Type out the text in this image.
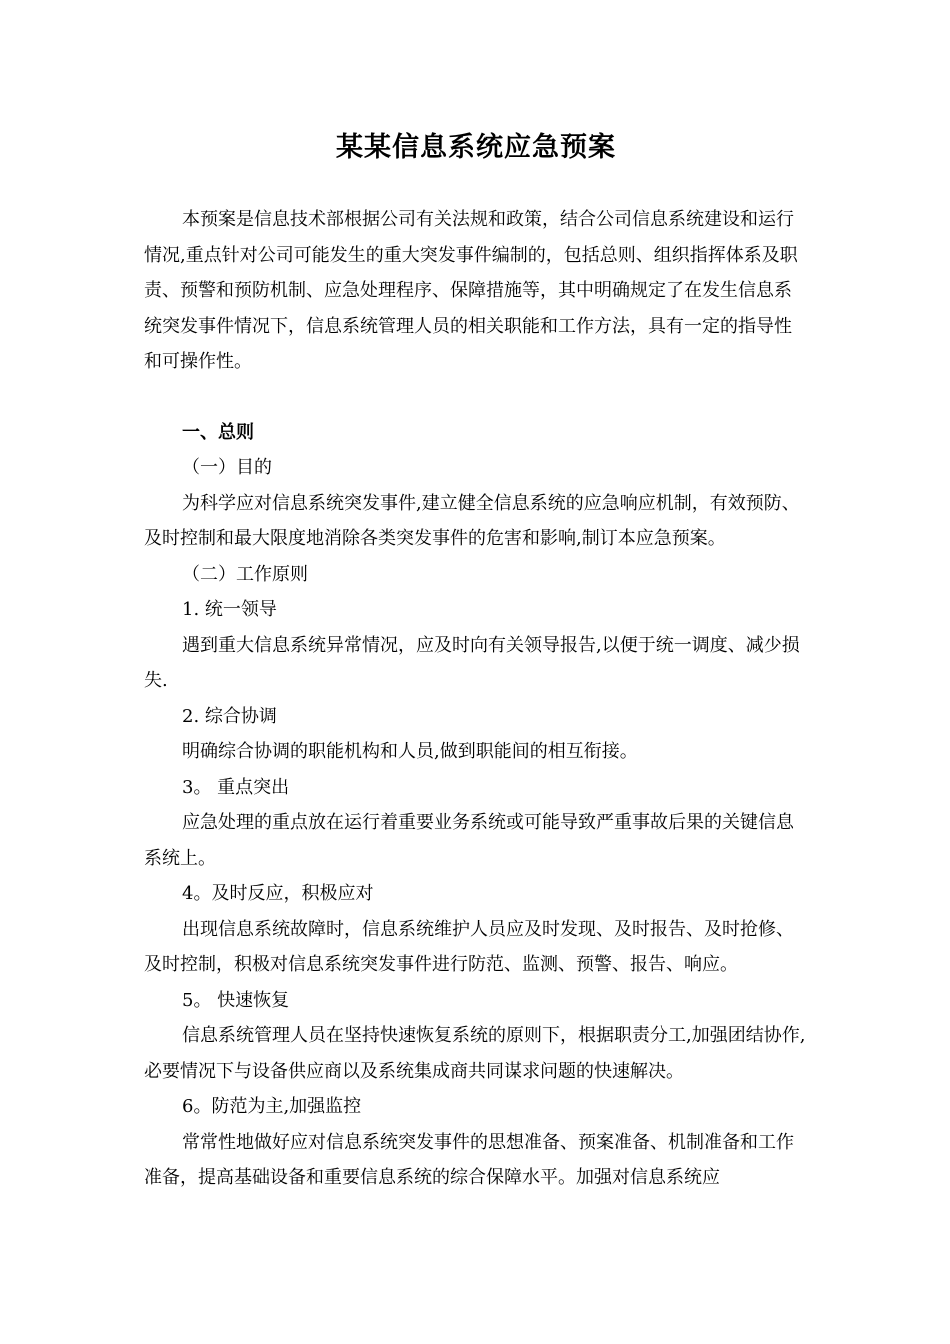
某某信息系统应急预案

本预案是信息技术部根据公司有关法规和政策，结合公司信息系统建设和运行情况,重点针对公司可能发生的重大突发事件编制的，包括总则、组织指挥体系及职责、预警和预防机制、应急处理程序、保障措施等，其中明确规定了在发生信息系统突发事件情况下，信息系统管理人员的相关职能和工作方法，具有一定的指导性和可操作性。

一、总则

（一）目的

为科学应对信息系统突发事件,建立健全信息系统的应急响应机制，有效预防、及时控制和最大限度地消除各类突发事件的危害和影响,制订本应急预案。

（二）工作原则

1. 统一领导

遇到重大信息系统异常情况，应及时向有关领导报告,以便于统一调度、减少损失.

2. 综合协调

明确综合协调的职能机构和人员,做到职能间的相互衔接。

3。 重点突出

应急处理的重点放在运行着重要业务系统或可能导致严重事故后果的关键信息系统上。

4。及时反应，积极应对

出现信息系统故障时，信息系统维护人员应及时发现、及时报告、及时抢修、及时控制，积极对信息系统突发事件进行防范、监测、预警、报告、响应。

5。 快速恢复

信息系统管理人员在坚持快速恢复系统的原则下，根据职责分工,加强团结协作,必要情况下与设备供应商以及系统集成商共同谋求问题的快速解决。

6。防范为主,加强监控

常常性地做好应对信息系统突发事件的思想准备、预案准备、机制准备和工作准备，提高基础设备和重要信息系统的综合保障水平。加强对信息系统应
